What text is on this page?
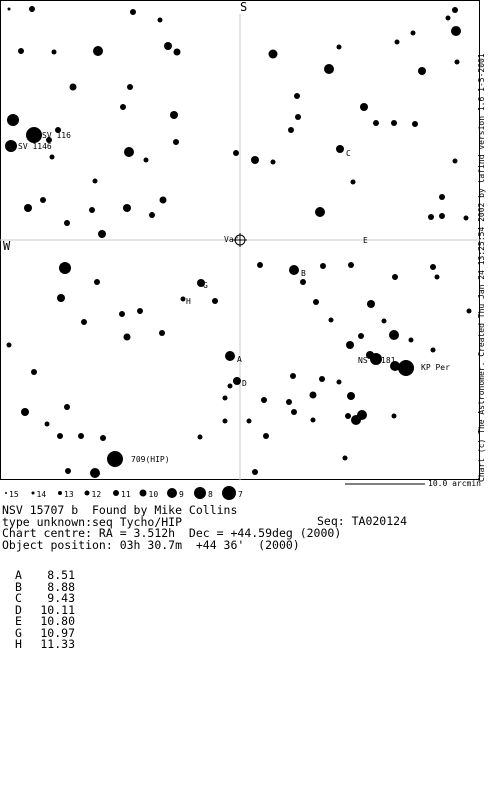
S
W	Var
SV 1146
SV 116
C
E
B
G
H
A
D
NS 181
KP Per
709(HIP)	Chart (c) The Astronomer. Created Thu Jan 24 13:25:54 2002 by tafind version 1.6 1-5-2001
10.0 arcmin
15 14 13 12 11 10	9	8	7
NSV 15707 b  Found by Mike Collins
type unknown:seq Tycho/HIP
Chart centre: RA = 3.512h  Dec = +44.59deg (2000)
Object position: 03h 30.7m  +44 36'  (2000)
Seq: TA020124
A	8.51
B	8.88
C	9.43
D	10.11
E	10.80
G	10.97
H	11.33
